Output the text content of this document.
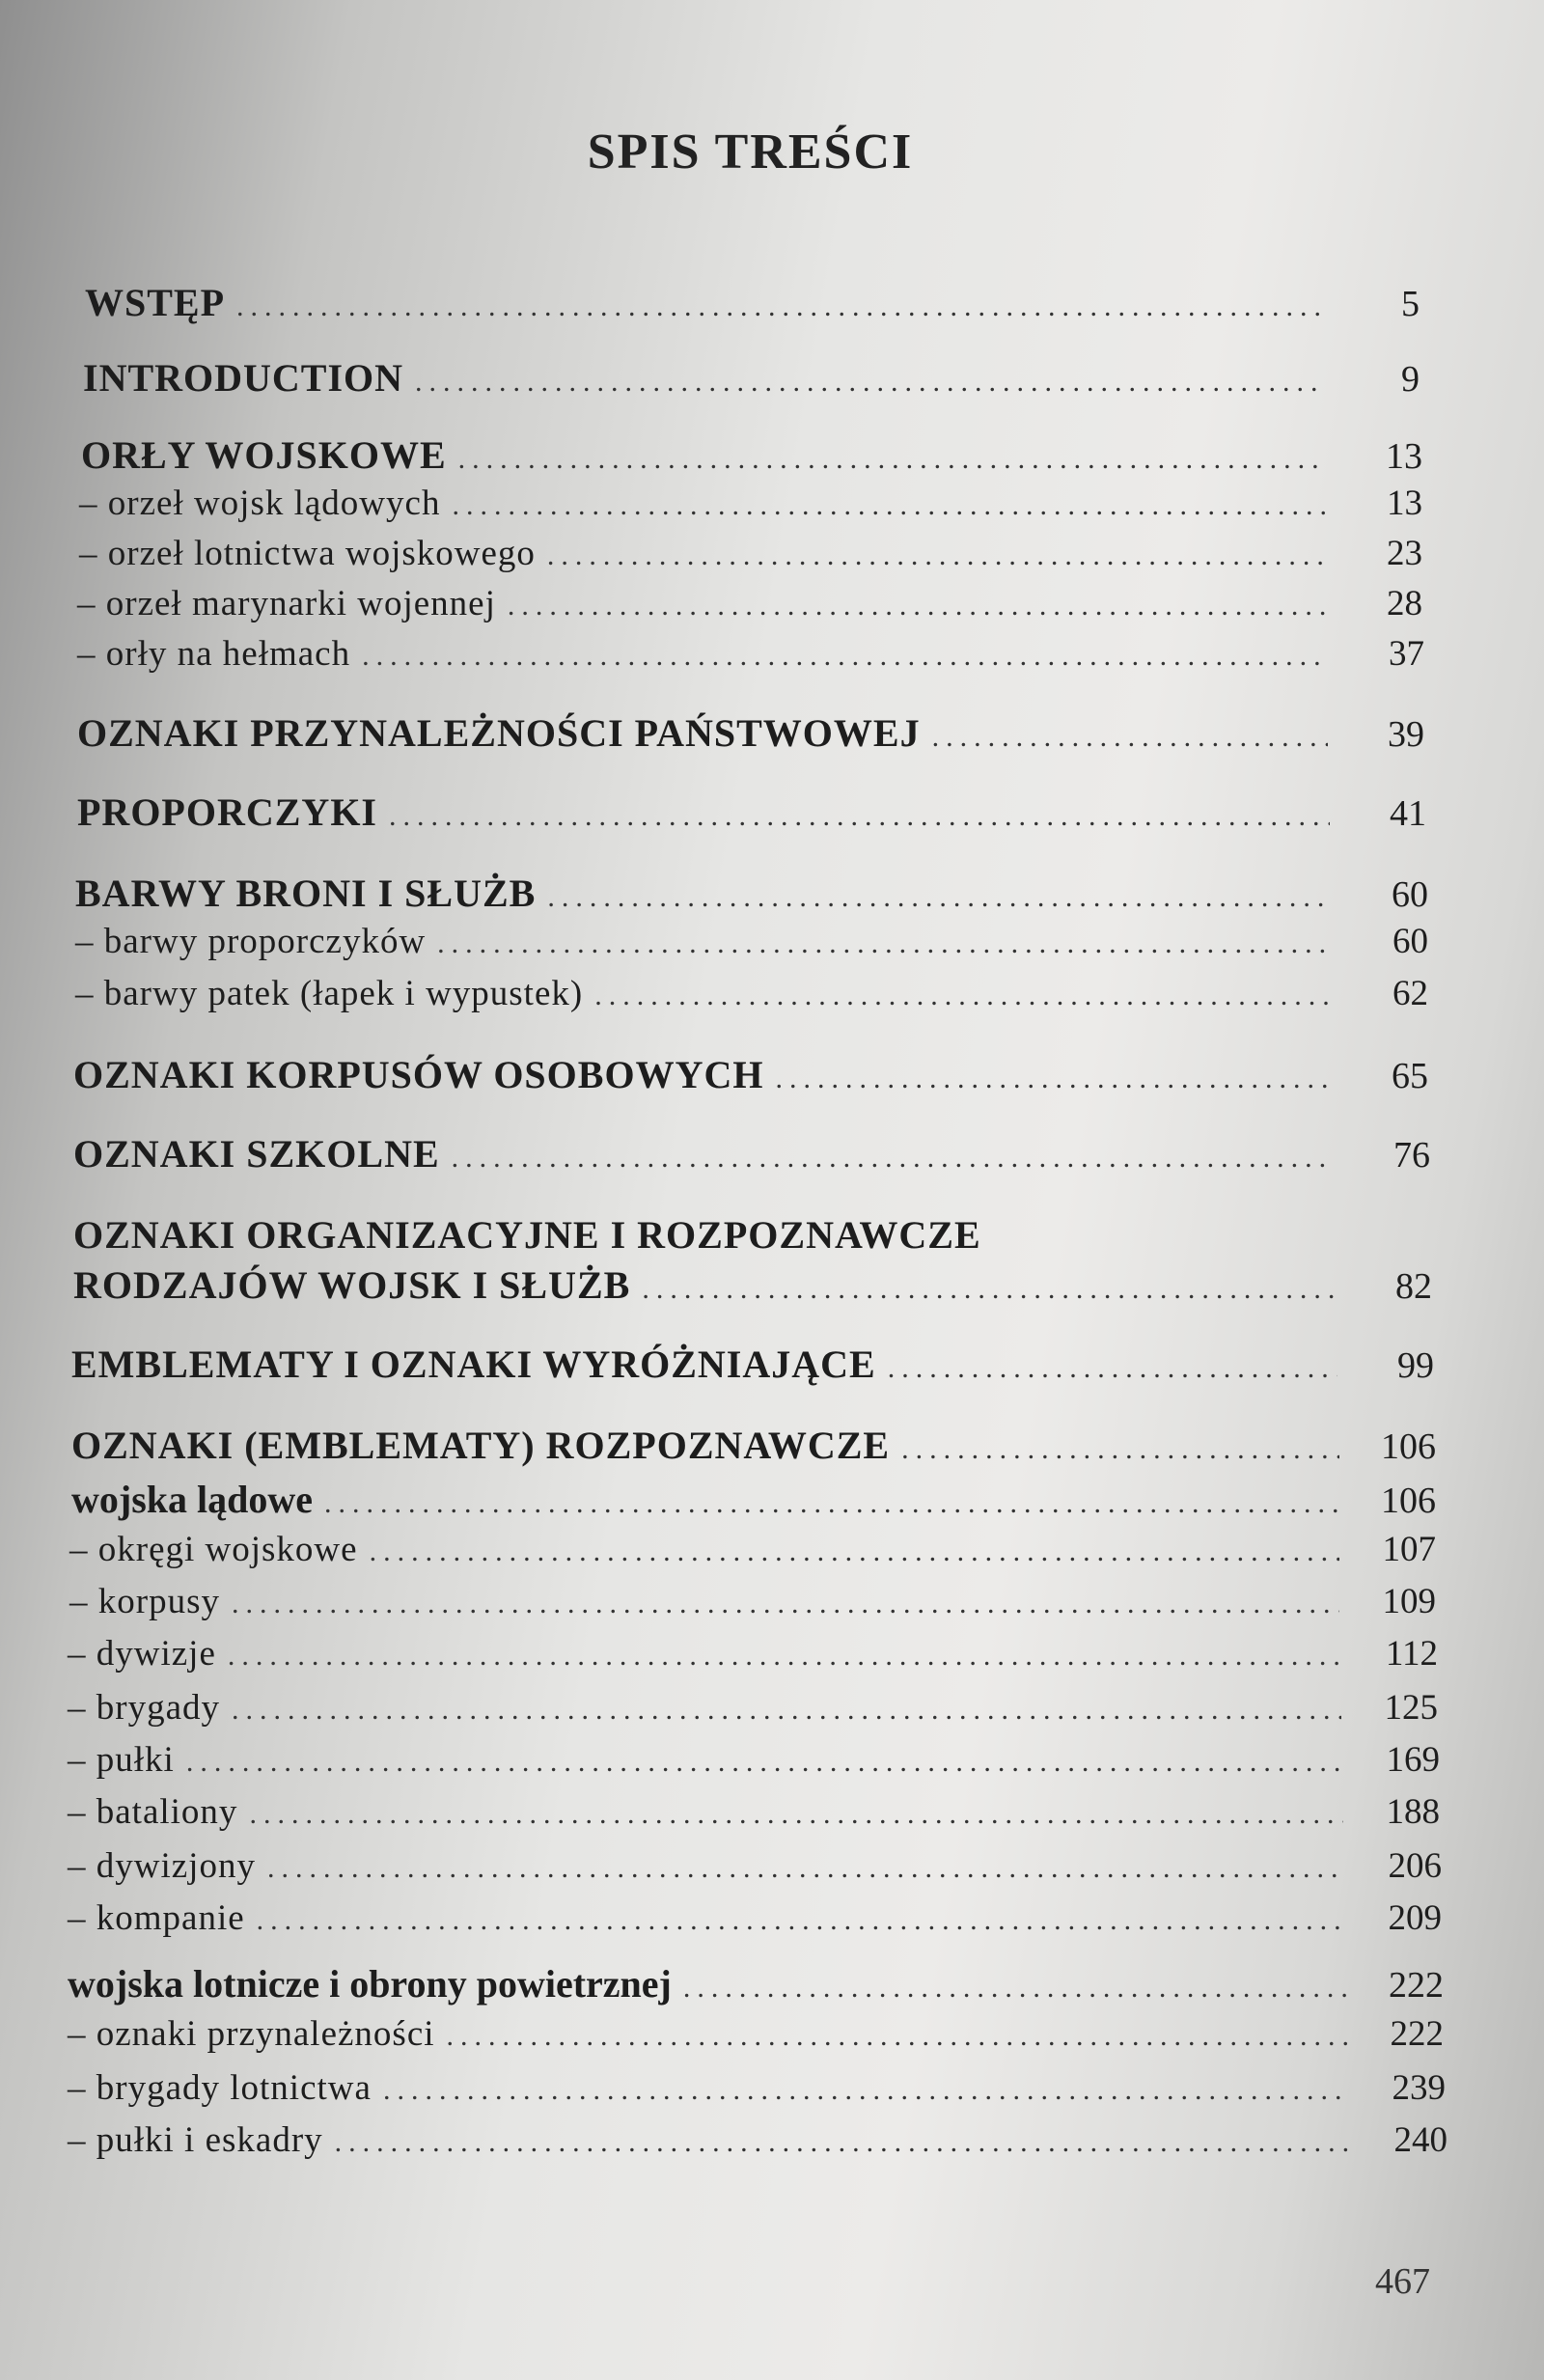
SPIS TREŚCI
WSTĘP .....	5
INTRODUCTION .....	9
ORŁY WOJSKOWE .....	13
– orzeł wojsk lądowych .....	13
– orzeł lotnictwa wojskowego .....	23
– orzeł marynarki wojennej .....	28
– orły na hełmach .....	37
OZNAKI PRZYNALEŻNOŚCI PAŃSTWOWEJ .....	39
PROPORCZYKI .....	41
BARWY BRONI I SŁUŻB .....	60
– barwy proporczyków .....	60
– barwy patek (łapek i wypustek) .....	62
OZNAKI KORPUSÓW OSOBOWYCH .....	65
OZNAKI SZKOLNE .....	76
OZNAKI ORGANIZACYJNE I ROZPOZNAWCZE
RODZAJÓW WOJSK I SŁUŻB .....	82
EMBLEMATY I OZNAKI WYRÓŻNIAJĄCE .....	99
OZNAKI (EMBLEMATY) ROZPOZNAWCZE .....	106
wojska lądowe .....	106
– okręgi wojskowe .....	107
– korpusy .....	109
– dywizje .....	112
– brygady .....	125
– pułki .....	169
– bataliony .....	188
– dywizjony .....	206
– kompanie .....	209
wojska lotnicze i obrony powietrznej .....	222
– oznaki przynależności .....	222
– brygady lotnictwa .....	239
– pułki i eskadry .....	240
467
